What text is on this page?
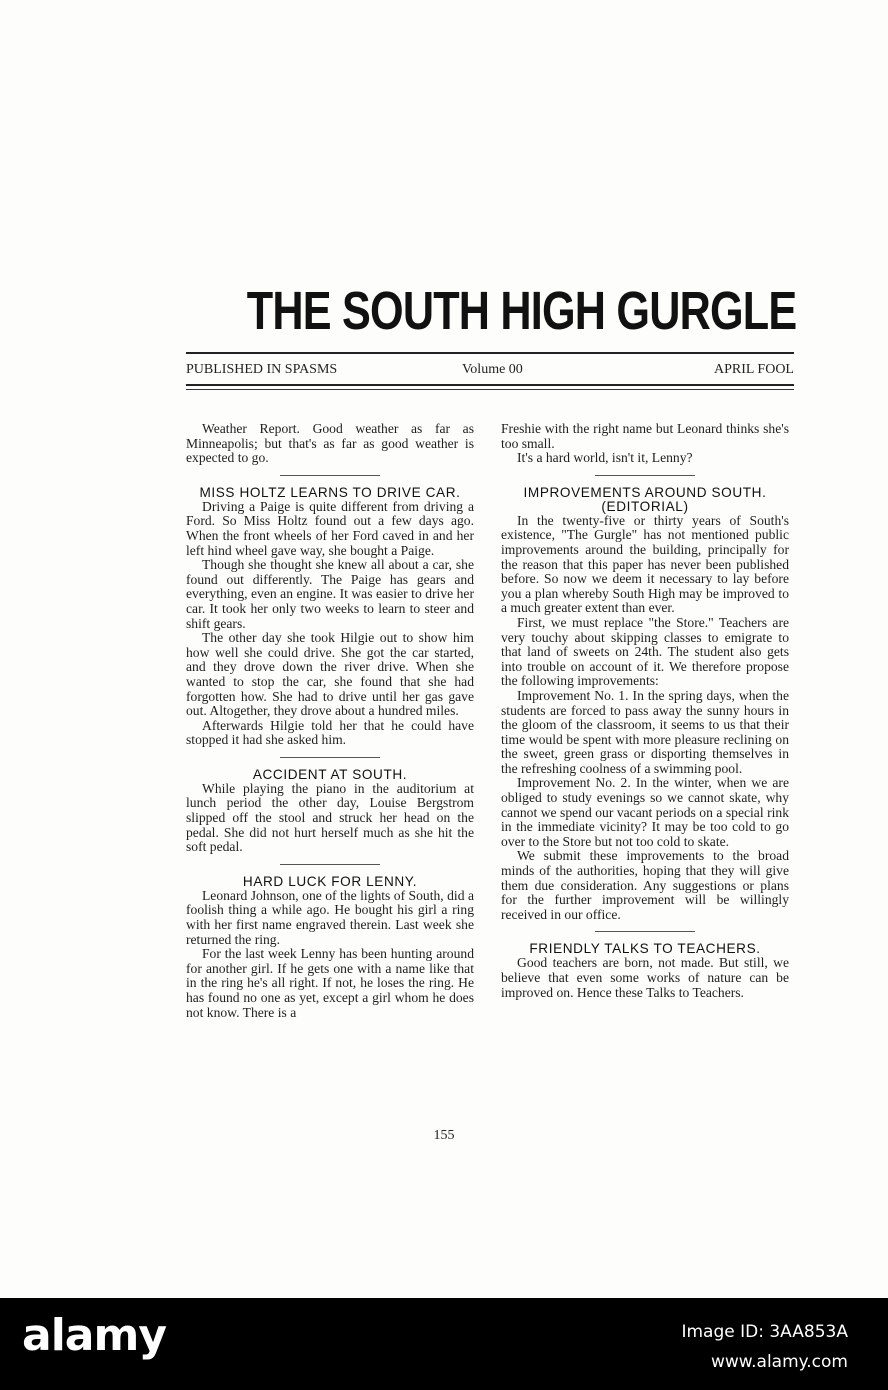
THE SOUTH HIGH GURGLE
PUBLISHED IN SPASMS	Volume 00	APRIL FOOL

Weather Report. Good weather as far as Minneapolis; but that's as far as good weather is expected to go.

MISS HOLTZ LEARNS TO DRIVE CAR.

Driving a Paige is quite different from driving a Ford. So Miss Holtz found out a few days ago. When the front wheels of her Ford caved in and her left hind wheel gave way, she bought a Paige.

Though she thought she knew all about a car, she found out differently. The Paige has gears and everything, even an engine. It was easier to drive her car. It took her only two weeks to learn to steer and shift gears.

The other day she took Hilgie out to show him how well she could drive. She got the car started, and they drove down the river drive. When she wanted to stop the car, she found that she had forgotten how. She had to drive until her gas gave out. Altogether, they drove about a hundred miles.

Afterwards Hilgie told her that he could have stopped it had she asked him.

ACCIDENT AT SOUTH.

While playing the piano in the auditorium at lunch period the other day, Louise Bergstrom slipped off the stool and struck her head on the pedal. She did not hurt herself much as she hit the soft pedal.

HARD LUCK FOR LENNY.

Leonard Johnson, one of the lights of South, did a foolish thing a while ago. He bought his girl a ring with her first name engraved therein. Last week she returned the ring.

For the last week Lenny has been hunting around for another girl. If he gets one with a name like that in the ring he's all right. If not, he loses the ring. He has found no one as yet, except a girl whom he does not know. There is a

Freshie with the right name but Leonard thinks she's too small.

It's a hard world, isn't it, Lenny?

IMPROVEMENTS AROUND SOUTH. (EDITORIAL)

In the twenty-five or thirty years of South's existence, "The Gurgle" has not mentioned public improvements around the building, principally for the reason that this paper has never been published before. So now we deem it necessary to lay before you a plan whereby South High may be improved to a much greater extent than ever.

First, we must replace "the Store." Teachers are very touchy about skipping classes to emigrate to that land of sweets on 24th. The student also gets into trouble on account of it. We therefore propose the following improvements:

Improvement No. 1. In the spring days, when the students are forced to pass away the sunny hours in the gloom of the classroom, it seems to us that their time would be spent with more pleasure reclining on the sweet, green grass or disporting themselves in the refreshing coolness of a swimming pool.

Improvement No. 2. In the winter, when we are obliged to study evenings so we cannot skate, why cannot we spend our vacant periods on a special rink in the immediate vicinity? It may be too cold to go over to the Store but not too cold to skate.

We submit these improvements to the broad minds of the authorities, hoping that they will give them due consideration. Any suggestions or plans for the further improvement will be willingly received in our office.

FRIENDLY TALKS TO TEACHERS.

Good teachers are born, not made. But still, we believe that even some works of nature can be improved on. Hence these Talks to Teachers.

155
alamy	Image ID: 3AA853A
www.alamy.com
